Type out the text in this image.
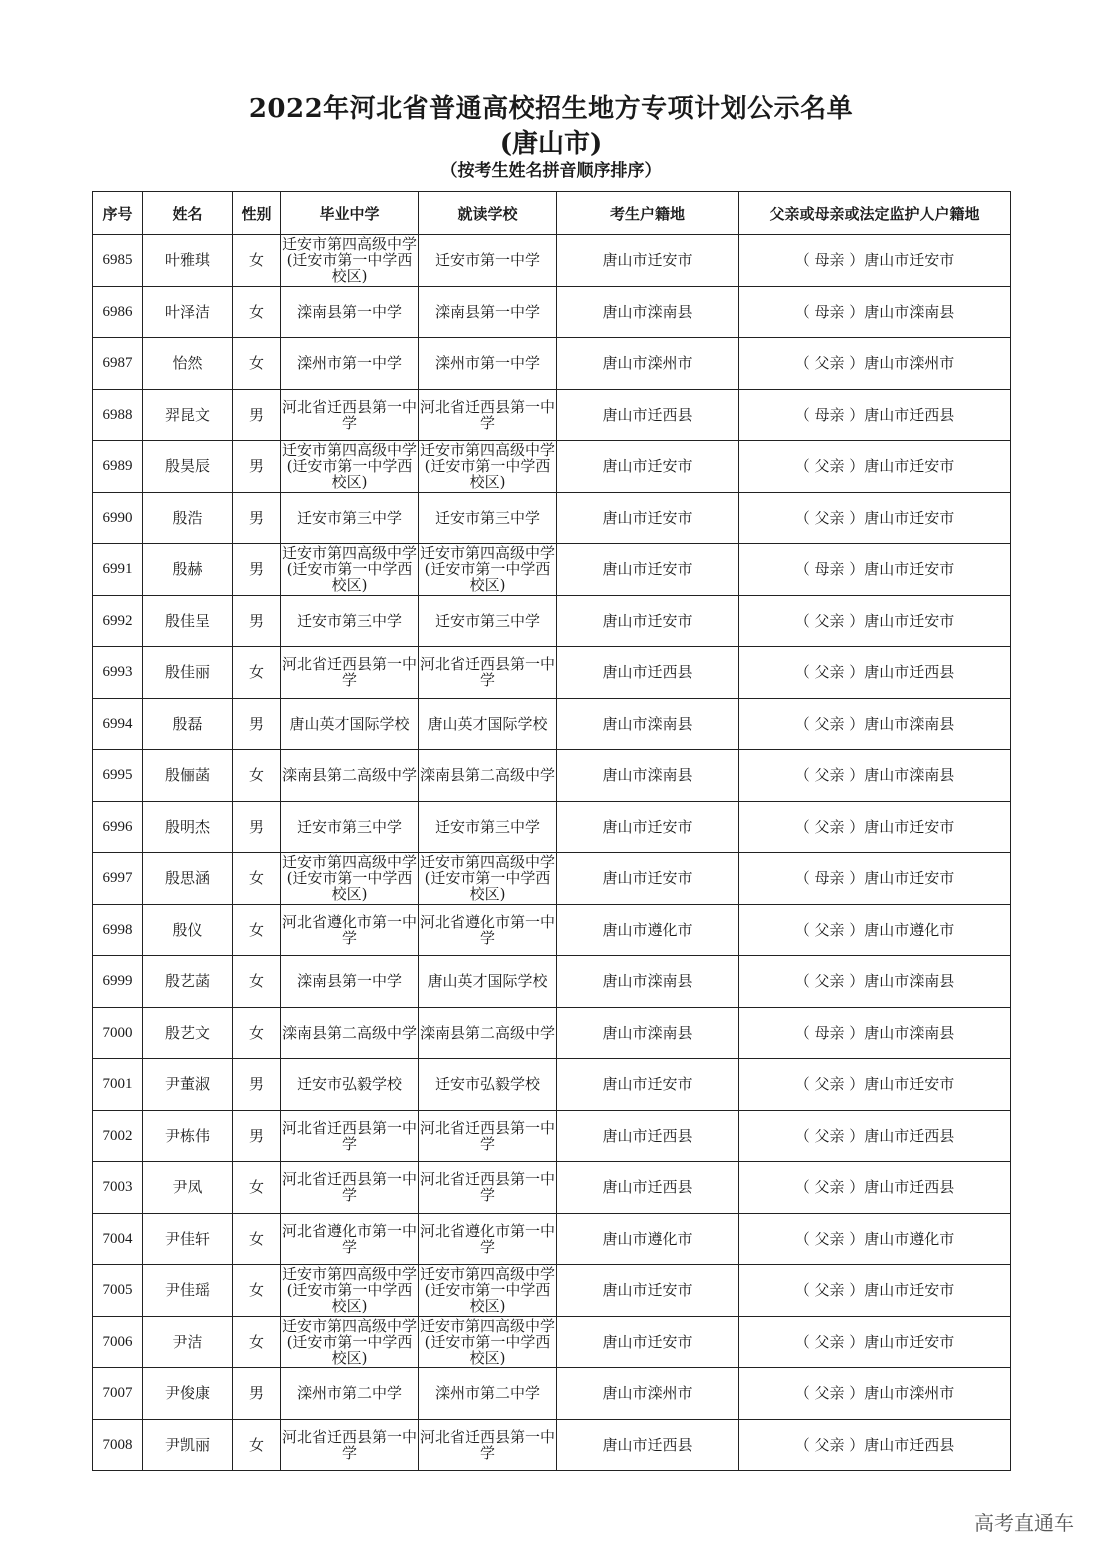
2022年河北省普通高校招生地方专项计划公示名单
(唐山市)
（按考生姓名拼音顺序排序）
序号	姓名	性别	毕业中学	就读学校	考生户籍地	父亲或母亲或法定监护人户籍地
6985	叶雅琪	女	迁安市第四高级中学(迁安市第一中学西校区)	迁安市第一中学	唐山市迁安市	（ 母亲 ）唐山市迁安市
6986	叶泽洁	女	滦南县第一中学	滦南县第一中学	唐山市滦南县	（ 母亲 ）唐山市滦南县
6987	怡然	女	滦州市第一中学	滦州市第一中学	唐山市滦州市	（ 父亲 ）唐山市滦州市
6988	羿昆文	男	河北省迁西县第一中学	河北省迁西县第一中学	唐山市迁西县	（ 母亲 ）唐山市迁西县
6989	殷昊辰	男	迁安市第四高级中学(迁安市第一中学西校区)	迁安市第四高级中学(迁安市第一中学西校区)	唐山市迁安市	（ 父亲 ）唐山市迁安市
6990	殷浩	男	迁安市第三中学	迁安市第三中学	唐山市迁安市	（ 父亲 ）唐山市迁安市
6991	殷赫	男	迁安市第四高级中学(迁安市第一中学西校区)	迁安市第四高级中学(迁安市第一中学西校区)	唐山市迁安市	（ 母亲 ）唐山市迁安市
6992	殷佳呈	男	迁安市第三中学	迁安市第三中学	唐山市迁安市	（ 父亲 ）唐山市迁安市
6993	殷佳丽	女	河北省迁西县第一中学	河北省迁西县第一中学	唐山市迁西县	（ 父亲 ）唐山市迁西县
6994	殷磊	男	唐山英才国际学校	唐山英才国际学校	唐山市滦南县	（ 父亲 ）唐山市滦南县
6995	殷俪菡	女	滦南县第二高级中学	滦南县第二高级中学	唐山市滦南县	（ 父亲 ）唐山市滦南县
6996	殷明杰	男	迁安市第三中学	迁安市第三中学	唐山市迁安市	（ 父亲 ）唐山市迁安市
6997	殷思涵	女	迁安市第四高级中学(迁安市第一中学西校区)	迁安市第四高级中学(迁安市第一中学西校区)	唐山市迁安市	（ 母亲 ）唐山市迁安市
6998	殷仪	女	河北省遵化市第一中学	河北省遵化市第一中学	唐山市遵化市	（ 父亲 ）唐山市遵化市
6999	殷艺菡	女	滦南县第一中学	唐山英才国际学校	唐山市滦南县	（ 父亲 ）唐山市滦南县
7000	殷艺文	女	滦南县第二高级中学	滦南县第二高级中学	唐山市滦南县	（ 母亲 ）唐山市滦南县
7001	尹董淑	男	迁安市弘毅学校	迁安市弘毅学校	唐山市迁安市	（ 父亲 ）唐山市迁安市
7002	尹栋伟	男	河北省迁西县第一中学	河北省迁西县第一中学	唐山市迁西县	（ 父亲 ）唐山市迁西县
7003	尹凤	女	河北省迁西县第一中学	河北省迁西县第一中学	唐山市迁西县	（ 父亲 ）唐山市迁西县
7004	尹佳轩	女	河北省遵化市第一中学	河北省遵化市第一中学	唐山市遵化市	（ 父亲 ）唐山市遵化市
7005	尹佳瑶	女	迁安市第四高级中学(迁安市第一中学西校区)	迁安市第四高级中学(迁安市第一中学西校区)	唐山市迁安市	（ 父亲 ）唐山市迁安市
7006	尹洁	女	迁安市第四高级中学(迁安市第一中学西校区)	迁安市第四高级中学(迁安市第一中学西校区)	唐山市迁安市	（ 父亲 ）唐山市迁安市
7007	尹俊康	男	滦州市第二中学	滦州市第二中学	唐山市滦州市	（ 父亲 ）唐山市滦州市
7008	尹凯丽	女	河北省迁西县第一中学	河北省迁西县第一中学	唐山市迁西县	（ 父亲 ）唐山市迁西县
高考直通车
